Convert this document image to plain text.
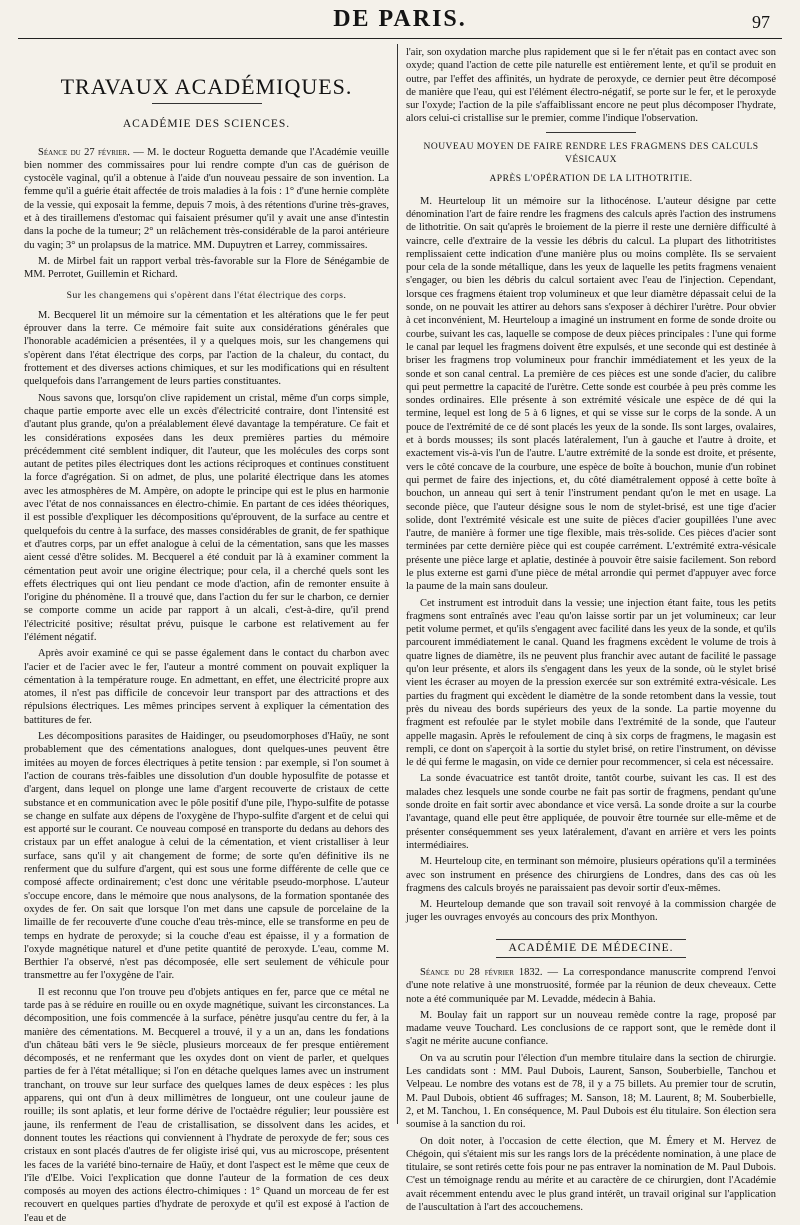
DE PARIS.	97
TRAVAUX ACADÉMIQUES.
ACADÉMIE DES SCIENCES.

Séance du 27 février. — M. le docteur Roguetta demande que l'Académie veuille bien nommer des commissaires pour lui rendre compte d'un cas de guérison de cystocèle vaginal, qu'il a obtenue à l'aide d'un nouveau pessaire de son invention. La femme qu'il a guérie était affectée de trois maladies à la fois : 1° d'une hernie complète de la vessie, qui exposait la femme, depuis 7 mois, à des rétentions d'urine très-graves, et à des tiraillemens d'estomac qui faisaient présumer qu'il y avait une anse d'intestin dans la poche de la tumeur; 2° un relâchement très-considérable de la paroi antérieure du vagin; 3° un prolapsus de la matrice. MM. Dupuytren et Larrey, commissaires.

M. de Mirbel fait un rapport verbal très-favorable sur la Flore de Sénégambie de MM. Perrotet, Guillemin et Richard.

Sur les changemens qui s'opèrent dans l'état électrique des corps.

M. Becquerel lit un mémoire sur la cémentation et les altérations que le fer peut éprouver dans la terre. Ce mémoire fait suite aux considérations générales que l'honorable académicien a présentées, il y a quelques mois, sur les changemens qui s'opèrent dans l'état électrique des corps, par l'action de la chaleur, du contact, du frottement et des diverses actions chimiques, et sur les modifications qui en résultent quelquefois dans l'arrangement de leurs parties constituantes.

Nous savons que, lorsqu'on clive rapidement un cristal, même d'un corps simple, chaque partie emporte avec elle un excès d'électricité contraire, dont l'intensité est d'autant plus grande, qu'on a préalablement élevé davantage la température. Ce fait et les considérations exposées dans les deux premières parties du mémoire précédemment cité semblent indiquer, dit l'auteur, que les molécules des corps sont autant de petites piles électriques dont les actions réciproques et continues constituent la force d'agrégation. Si on admet, de plus, une polarité électrique dans les atomes avec les atmosphères de M. Ampère, on adopte le principe qui est le plus en harmonie avec l'état de nos connaissances en électro-chimie. En partant de ces idées théoriques, il est possible d'expliquer les décompositions qu'éprouvent, de la surface au centre et quelquefois du centre à la surface, des masses considérables de granit, de fer spathique et d'autres corps, par un effet analogue à celui de la cémentation, sans que les masses aient cessé d'être solides. M. Becquerel a été conduit par là à examiner comment la cémentation peut avoir une origine électrique; pour cela, il a cherché quels sont les effets électriques qui ont lieu pendant ce mode d'action, afin de remonter ensuite à l'origine du phénomène. Il a trouvé que, dans l'action du fer sur le charbon, ce dernier se comporte comme un acide par rapport à un alcali, c'est-à-dire, qu'il prend l'électricité positive; résultat prévu, puisque le carbone est relativement au fer l'élément négatif.

Après avoir examiné ce qui se passe également dans le contact du charbon avec l'acier et de l'acier avec le fer, l'auteur a montré comment on pouvait expliquer la cémentation à la température rouge. En admettant, en effet, une électricité propre aux atomes, il n'est pas difficile de concevoir leur transport par des attractions et des répulsions électriques. Les mêmes principes servent à expliquer la cémentation des battitures de fer.

Les décompositions parasites de Haidinger, ou pseudomorphoses d'Haüy, ne sont probablement que des cémentations analogues, dont quelques-unes peuvent être imitées au moyen de forces électriques à petite tension : par exemple, si l'on soumet à l'action de courans très-faibles une dissolution d'un double hyposulfite de potasse et d'argent, dans lequel on plonge une lame d'argent recouverte de cristaux de cette substance et en communication avec le pôle positif d'une pile, l'hypo-sulfite de potasse se change en sulfate aux dépens de l'oxygène de l'hypo-sulfite d'argent et de celui qui est apporté sur le courant. Ce nouveau composé en transporte du dedans au dehors des cristaux par un effet analogue à celui de la cémentation, et vient cristalliser à leur surface, sans qu'il y ait changement de forme; de sorte qu'en définitive ils ne renferment que du sulfure d'argent, qui est sous une forme différente de celle que ce composé affecte ordinairement; c'est donc une véritable pseudo-morphose. L'auteur s'occupe encore, dans le mémoire que nous analysons, de la formation spontanée des oxydes de fer. On sait que lorsque l'on met dans une capsule de porcelaine de la limaille de fer recouverte d'une couche d'eau très-mince, elle se transforme en peu de temps en hydrate de peroxyde; si la couche d'eau est épaisse, il y a formation de l'oxyde magnétique naturel et d'une petite quantité de peroxyde. L'eau, comme M. Berthier l'a observé, n'est pas décomposée, elle sert seulement de véhicule pour transmettre au fer l'oxygène de l'air.

Il est reconnu que l'on trouve peu d'objets antiques en fer, parce que ce métal ne tarde pas à se réduire en rouille ou en oxyde magnétique, suivant les circonstances. La décomposition, une fois commencée à la surface, pénètre jusqu'au centre du fer, à la manière des cémentations. M. Becquerel a trouvé, il y a un an, dans les fondations d'un château bâti vers le 9e siècle, plusieurs morceaux de fer presque entièrement décomposés, et ne renfermant que les oxydes dont on vient de parler, et quelques parties de fer à l'état métallique; si l'on en détache quelques lames avec un instrument tranchant, on trouve sur leur surface des quelques lames de deux espèces : les plus apparens, qui ont d'un à deux millimètres de longueur, ont une couleur jaune de rouille; ils sont aplatis, et leur forme dérive de l'octaèdre régulier; leur poussière est jaune, ils renferment de l'eau de cristallisation, se dissolvent dans les acides, et donnent toutes les réactions qui conviennent à l'hydrate de peroxyde de fer; sous ces cristaux en sont placés d'autres de fer oligiste irisé qui, vus au microscope, présentent les faces de la variété bino-ternaire de Haüy, et dont l'aspect est le même que ceux de l'île d'Elbe. Voici l'explication que donne l'auteur de la formation de ces deux composés au moyen des actions électro-chimiques : 1° Quand un morceau de fer est recouvert en quelques parties d'hydrate de peroxyde et qu'il est exposé à l'action de l'eau et de

l'air, son oxydation marche plus rapidement que si le fer n'était pas en contact avec son oxyde; quand l'action de cette pile naturelle est entièrement lente, et qu'il se produit en outre, par l'effet des affinités, un hydrate de peroxyde, ce dernier peut être décomposé de manière que l'eau, qui est l'élément électro-négatif, se porte sur le fer, et le peroxyde sur l'oxyde; l'action de la pile s'affaiblissant encore ne peut plus décomposer l'hydrate, alors celui-ci cristallise sur le premier, comme l'indique l'observation.

NOUVEAU MOYEN DE FAIRE RENDRE LES FRAGMENS DES CALCULS VÉSICAUX
APRÈS L'OPÉRATION DE LA LITHOTRITIE.

M. Heurteloup lit un mémoire sur la lithocénose. L'auteur désigne par cette dénomination l'art de faire rendre les fragmens des calculs après l'action des instrumens de lithotritie. On sait qu'après le broiement de la pierre il reste une dernière difficulté à vaincre, celle d'extraire de la vessie les débris du calcul. La plupart des lithotritistes remplissaient cette indication d'une manière plus ou moins complète. Ils se servaient pour cela de la sonde métallique, dans les yeux de laquelle les petits fragmens venaient s'engager, ou bien les débris du calcul sortaient avec l'eau de l'injection. Cependant, lorsque ces fragmens étaient trop volumineux et que leur diamètre dépassait celui de la sonde, on ne pouvait les attirer au dehors sans s'exposer à déchirer l'urètre. Pour obvier à cet inconvénient, M. Heurteloup a imaginé un instrument en forme de sonde droite ou courbe, suivant les cas, laquelle se compose de deux pièces principales : l'une qui forme le canal par lequel les fragmens doivent être expulsés, et une seconde qui est destinée à briser les fragmens trop volumineux pour franchir immédiatement et les yeux de la sonde et son canal central. La première de ces pièces est une sonde d'acier, du calibre qui peut permettre la capacité de l'urètre. Cette sonde est courbée à peu près comme les sondes ordinaires. Elle présente à son extrémité vésicale une espèce de dé qui la termine, lequel est long de 5 à 6 lignes, et qui se visse sur le corps de la sonde. A un pouce de l'extrémité de ce dé sont placés les yeux de la sonde. Ils sont larges, ovalaires, et à bords mousses; ils sont placés latéralement, l'un à gauche et l'autre à droite, et exactement vis-à-vis l'un de l'autre. L'autre extrémité de la sonde est droite, et présente, vers le côté concave de la courbure, une espèce de boîte à bouchon, munie d'un robinet qui permet de faire des injections, et, du côté diamétralement opposé à cette boîte à bouchon, un anneau qui sert à tenir l'instrument pendant qu'on le met en usage. La seconde pièce, que l'auteur désigne sous le nom de stylet-brisé, est une tige d'acier solide, dont l'extrémité vésicale est une suite de pièces d'acier goupillées l'une avec l'autre, de manière à former une tige flexible, mais très-solide. Ces pièces d'acier sont terminées par cette dernière pièce qui est coupée carrément. L'extrémité extra-vésicale présente une pièce large et aplatie, destinée à pouvoir être saisie facilement. Son rebord le plus externe est garni d'une pièce de métal arrondie qui permet d'appuyer avec force la paume de la main sans douleur.

Cet instrument est introduit dans la vessie; une injection étant faite, tous les petits fragmens sont entraînés avec l'eau qu'on laisse sortir par un jet volumineux; car leur petit volume permet, et qu'ils s'engagent avec facilité dans les yeux de la sonde, et qu'ils parcourent immédiatement le canal. Quand les fragmens excèdent le volume de trois à quatre lignes de diamètre, ils ne peuvent plus franchir avec autant de facilité le passage qu'on leur présente, et alors ils s'engagent dans les yeux de la sonde, où le stylet brisé vient les écraser au moyen de la pression exercée sur son extrémité extra-vésicale. Les parties du fragment qui excèdent le diamètre de la sonde retombent dans la vessie, tout près du niveau des bords supérieurs des yeux de la sonde. La partie moyenne du fragment est refoulée par le stylet mobile dans l'extrémité de la sonde, que l'auteur appelle magasin. Après le refoulement de cinq à six corps de fragmens, le magasin est rempli, ce dont on s'aperçoit à la sortie du stylet brisé, on retire l'instrument, on dévisse le dé qui ferme le magasin, on vide ce dernier pour recommencer, si cela est nécessaire.

La sonde évacuatrice est tantôt droite, tantôt courbe, suivant les cas. Il est des malades chez lesquels une sonde courbe ne fait pas sortir de fragmens, pendant qu'une sonde droite en fait sortir avec abondance et vice versâ. La sonde droite a sur la courbe l'avantage, quand elle peut être appliquée, de pouvoir être tournée sur elle-même et de présenter conséquemment ses yeux latéralement, d'avant en arrière et vers les points intermédiaires.

M. Heurteloup cite, en terminant son mémoire, plusieurs opérations qu'il a terminées avec son instrument en présence des chirurgiens de Londres, dans des cas où les fragmens des calculs broyés ne paraissaient pas devoir sortir d'eux-mêmes.

M. Heurteloup demande que son travail soit renvoyé à la commission chargée de juger les ouvrages envoyés au concours des prix Monthyon.

ACADÉMIE DE MÉDECINE.

Séance du 28 février 1832. — La correspondance manuscrite comprend l'envoi d'une note relative à une monstruosité, formée par la réunion de deux cheveaux. Cette note a été communiquée par M. Levadde, médecin à Bahia.

M. Boulay fait un rapport sur un nouveau remède contre la rage, proposé par madame veuve Touchard. Les conclusions de ce rapport sont, que le remède dont il s'agit ne mérite aucune confiance.

On va au scrutin pour l'élection d'un membre titulaire dans la section de chirurgie. Les candidats sont : MM. Paul Dubois, Laurent, Sanson, Souberbielle, Tanchou et Velpeau. Le nombre des votans est de 78, il y a 75 billets. Au premier tour de scrutin, M. Paul Dubois, obtient 46 suffrages; M. Sanson, 18; M. Laurent, 8; M. Souberbielle, 2, et M. Tanchou, 1. En conséquence, M. Paul Dubois est élu titulaire. Son élection sera soumise à la sanction du roi.

On doit noter, à l'occasion de cette élection, que M. Émery et M. Hervez de Chégoin, qui s'étaient mis sur les rangs lors de la précédente nomination, à une place de titulaire, se sont retirés cette fois pour ne pas entraver la nomination de M. Paul Dubois. C'est un témoignage rendu au mérite et au caractère de ce chirurgien, dont l'Académie avait récemment entendu avec le plus grand intérêt, un travail original sur l'application de l'auscultation à l'art des accouchemens.
